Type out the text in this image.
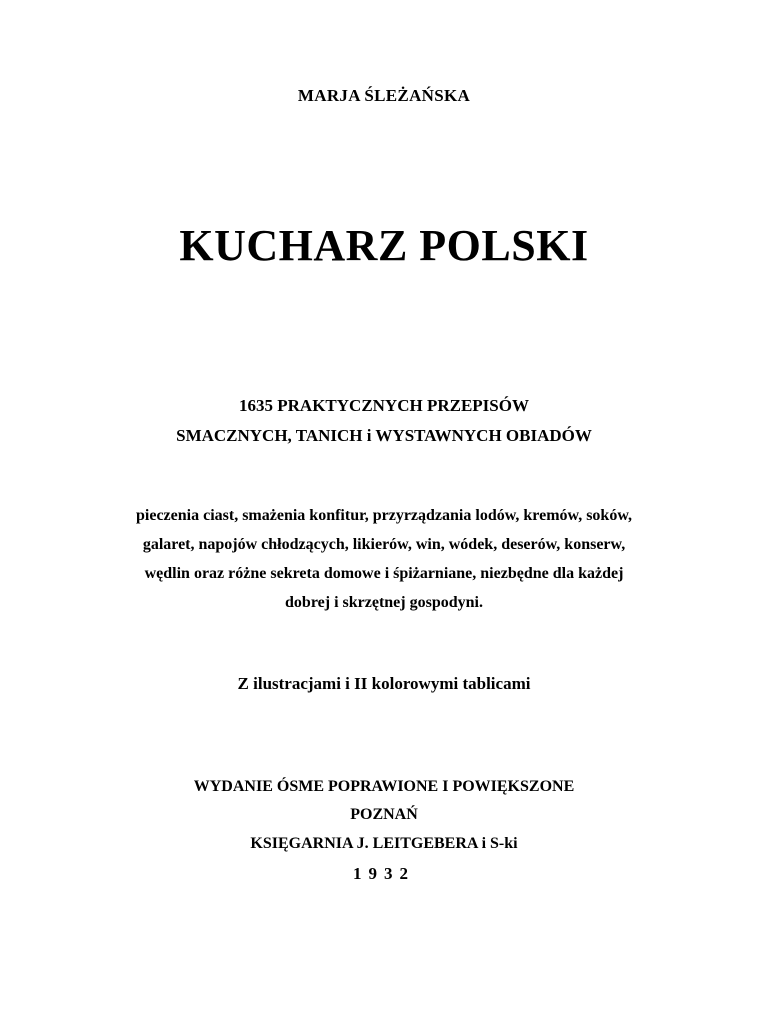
MARJA ŚLEŻAŃSKA
KUCHARZ POLSKI
1635 PRAKTYCZNYCH PRZEPISÓW
SMACZNYCH, TANICH i WYSTAWNYCH OBIADÓW
pieczenia ciast, smażenia konfitur, przyrządzania lodów, kremów, soków,
galaret, napojów chłodzących, likierów, win, wódek, deserów, konserw,
wędlin oraz różne sekreta domowe i śpiżarniane, niezbędne dla każdej
dobrej i skrzętnej gospodyni.
Z ilustracjami i II kolorowymi tablicami
WYDANIE ÓSME POPRAWIONE I POWIĘKSZONE
POZNAŃ
KSIĘGARNIA J. LEITGEBERA i S-ki
1932
